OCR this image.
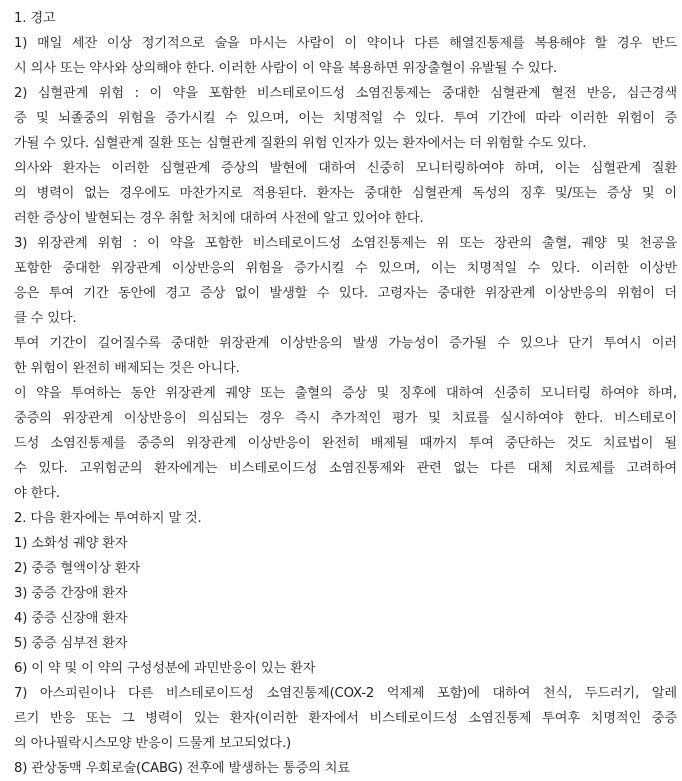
1. 경고

1) 매일 세잔 이상 정기적으로 술을 마시는 사람이 이 약이나 다른 해열진통제를 복용해야 할 경우 반드

시 의사 또는 약사와 상의해야 한다. 이러한 사람이 이 약을 복용하면 위장출혈이 유발될 수 있다.

2) 심혈관계 위험 : 이 약을 포함한 비스테로이드성 소염진통제는 중대한 심혈관계 혈전 반응, 심근경색

증 및 뇌졸중의 위험을 증가시킬 수 있으며, 이는 치명적일 수 있다. 투여 기간에 따라 이러한 위험이 증

가될 수 있다. 심혈관계 질환 또는 심혈관계 질환의 위험 인자가 있는 환자에서는 더 위험할 수도 있다.

의사와 환자는 이러한 심혈관계 증상의 발현에 대하여 신중히 모니터링하여야 하며, 이는 심혈관계 질환

의 병력이 없는 경우에도 마찬가지로 적용된다. 환자는 중대한 심혈관계 독성의 징후 및/또는 증상 및 이

러한 증상이 발현되는 경우 취할 처치에 대하여 사전에 알고 있어야 한다.

3) 위장관계 위험 : 이 약을 포함한 비스테로이드성 소염진통제는 위 또는 장관의 출혈, 궤양 및 천공을

포함한 중대한 위장관계 이상반응의 위험을 증가시킬 수 있으며, 이는 치명적일 수 있다. 이러한 이상반

응은 투여 기간 동안에 경고 증상 없이 발생할 수 있다. 고령자는 중대한 위장관계 이상반응의 위험이 더

클 수 있다.

투여 기간이 길어질수록 중대한 위장관계 이상반응의 발생 가능성이 증가될 수 있으나 단기 투여시 이러

한 위험이 완전히 배제되는 것은 아니다.

이 약을 투여하는 동안 위장관계 궤양 또는 출혈의 증상 및 징후에 대하여 신중히 모니터링 하여야 하며,

중증의 위장관계 이상반응이 의심되는 경우 즉시 추가적인 평가 및 치료를 실시하여야 한다. 비스테로이

드성 소염진통제를 중증의 위장관계 이상반응이 완전히 배제될 때까지 투여 중단하는 것도 치료법이 될

수 있다. 고위험군의 환자에게는 비스테로이드성 소염진통제와 관련 없는 다른 대체 치료제를 고려하여

야 한다.

2. 다음 환자에는 투여하지 말 것.

1) 소화성 궤양 환자

2) 중증 혈액이상 환자

3) 중증 간장애 환자

4) 중증 신장애 환자

5) 중증 심부전 환자

6) 이 약 및 이 약의 구성성분에 과민반응이 있는 환자

7) 아스피린이나 다른 비스테로이드성 소염진통제(COX-2 억제제 포함)에 대하여 천식, 두드러기, 알레

르기 반응 또는 그 병력이 있는 환자(이러한 환자에서 비스테로이드성 소염진통제 투여후 치명적인 중증

의 아나필락시스모양 반응이 드물게 보고되었다.)

8) 관상동맥 우회로술(CABG) 전후에 발생하는 통증의 치료
